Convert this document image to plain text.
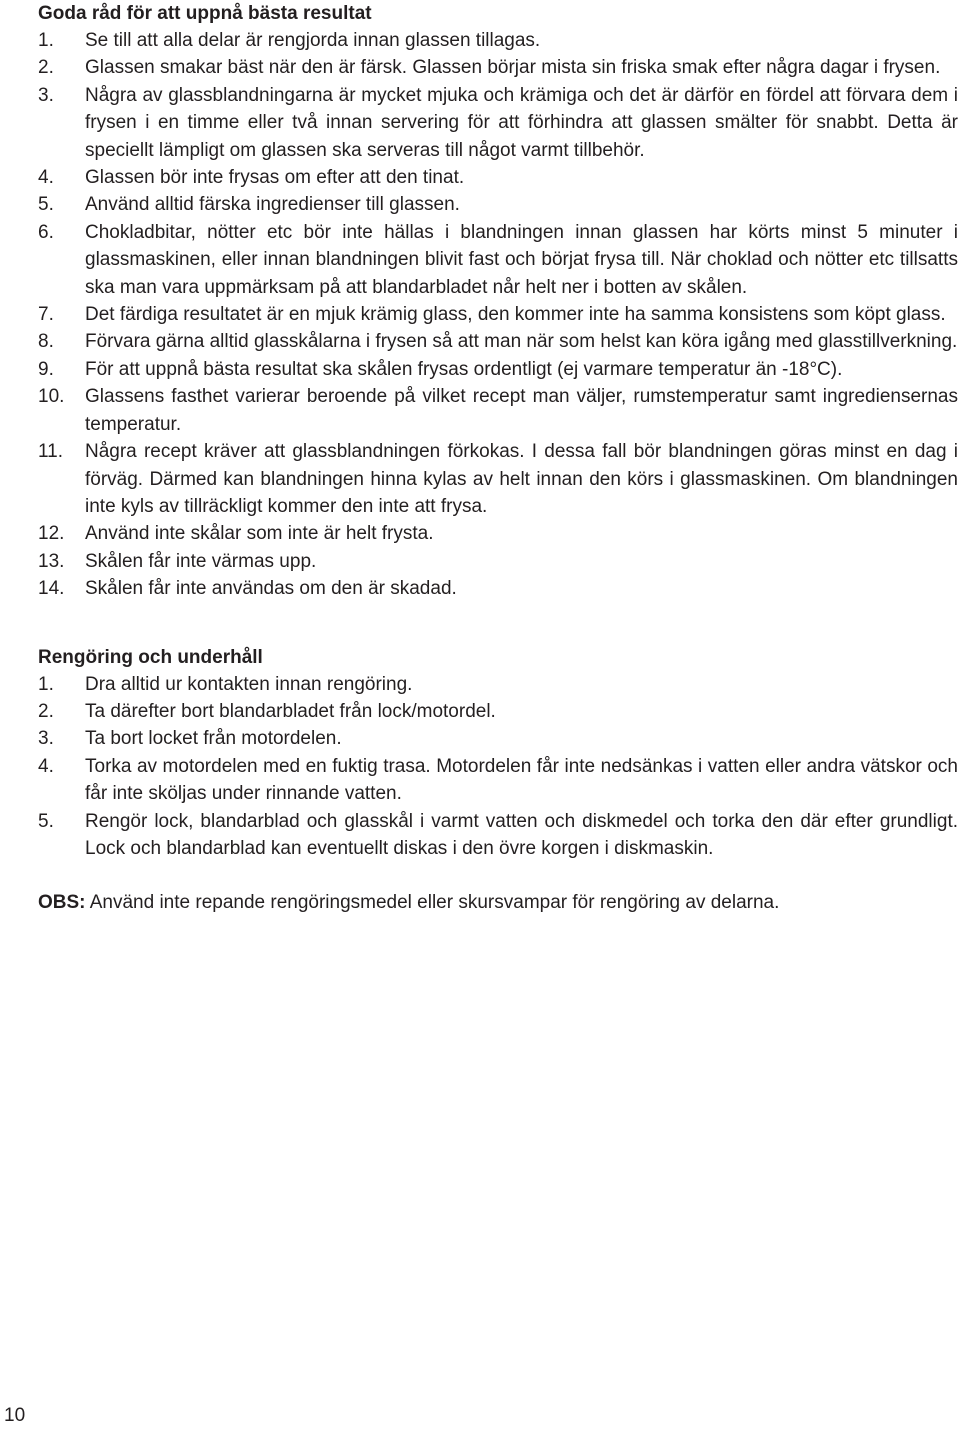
Goda råd för att uppnå bästa resultat
1.	Se till att alla delar är rengjorda innan glassen tillagas.
2.	Glassen smakar bäst när den är färsk. Glassen börjar mista sin friska smak efter några dagar i frysen.
3.	Några av glassblandningarna är mycket mjuka och krämiga och det är därför en fördel att förvara dem i frysen i en timme eller två innan servering för att förhindra att glassen smälter för snabbt. Detta är speciellt lämpligt om glassen ska serveras till något varmt tillbehör.
4.	Glassen bör inte frysas om efter att den tinat.
5.	Använd alltid färska ingredienser till glassen.
6.	Chokladbitar, nötter etc bör inte hällas i blandningen innan glassen har körts minst 5 minuter i glassmaskinen, eller innan blandningen blivit fast och börjat frysa till. När choklad och nötter etc tillsatts ska man vara uppmärksam på att blandarbladet når helt ner i botten av skålen.
7.	Det färdiga resultatet är en mjuk krämig glass, den kommer inte ha samma konsistens som köpt glass.
8.	Förvara gärna alltid glasskålarna i frysen så att man när som helst kan köra igång med glasstillverkning.
9.	För att uppnå bästa resultat ska skålen frysas ordentligt (ej varmare temperatur än -18°C).
10.	Glassens fasthet varierar beroende på vilket recept man väljer, rumstemperatur samt ingrediensernas temperatur.
11.	Några recept kräver att glassblandningen förkokas. I dessa fall bör blandningen göras minst en dag i förväg. Därmed kan blandningen hinna kylas av helt innan den körs i glassmaskinen. Om blandningen inte kyls av tillräckligt kommer den inte att frysa.
12.	Använd inte skålar som inte är helt frysta.
13.	Skålen får inte värmas upp.
14.	Skålen får inte användas om den är skadad.
Rengöring och underhåll
1.	Dra alltid ur kontakten innan rengöring.
2.	Ta därefter bort blandarbladet från lock/motordel.
3.	Ta bort locket från motordelen.
4.	Torka av motordelen med en fuktig trasa. Motordelen får inte nedsänkas i vatten eller andra vätskor och får inte sköljas under rinnande vatten.
5.	Rengör lock, blandarblad och glasskål i varmt vatten och diskmedel och torka den där efter grundligt. Lock och blandarblad kan eventuellt diskas i den övre korgen i diskmaskin.

OBS: Använd inte repande rengöringsmedel eller skursvampar för rengöring av delarna.

10
